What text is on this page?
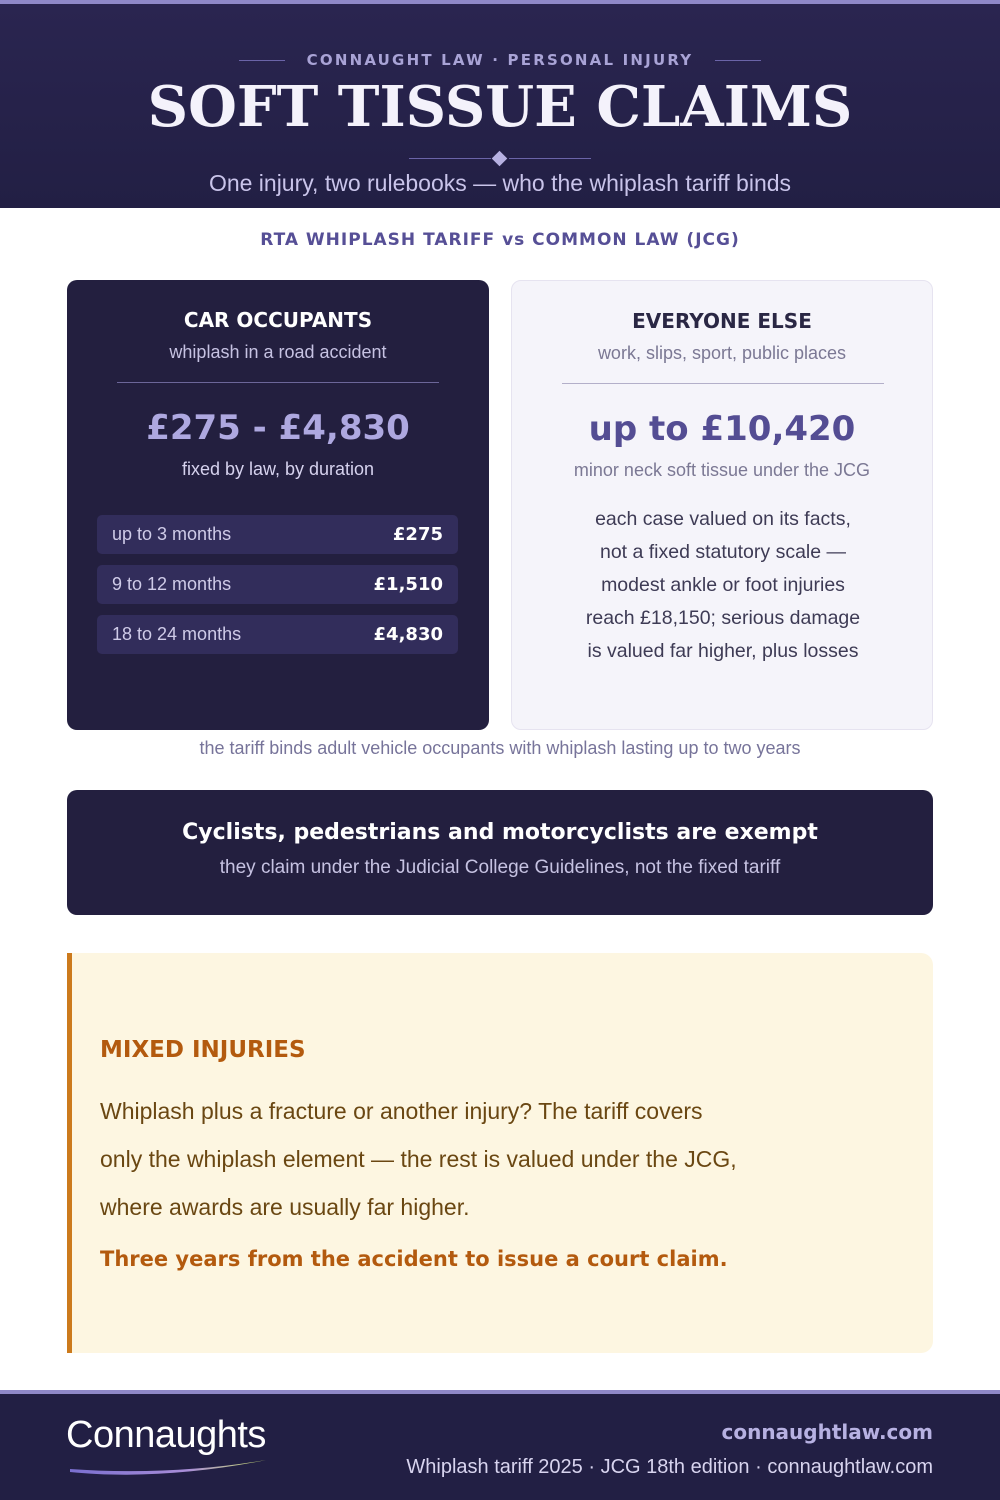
CONNAUGHT LAW · PERSONAL INJURY
SOFT TISSUE CLAIMS
One injury, two rulebooks — who the whiplash tariff binds
RTA WHIPLASH TARIFF vs COMMON LAW (JCG)
CAR OCCUPANTS
whiplash in a road accident
£275 - £4,830
fixed by law, by duration
up to 3 months	£275
9 to 12 months	£1,510
18 to 24 months	£4,830
EVERYONE ELSE
work, slips, sport, public places
up to £10,420
minor neck soft tissue under the JCG
each case valued on its facts,
not a fixed statutory scale —
modest ankle or foot injuries
reach £18,150; serious damage
is valued far higher, plus losses
the tariff binds adult vehicle occupants with whiplash lasting up to two years
Cyclists, pedestrians and motorcyclists are exempt
they claim under the Judicial College Guidelines, not the fixed tariff
MIXED INJURIES
Whiplash plus a fracture or another injury? The tariff covers
only the whiplash element — the rest is valued under the JCG,
where awards are usually far higher.
Three years from the accident to issue a court claim.
Connaughts	connaughtlaw.com
Whiplash tariff 2025 · JCG 18th edition · connaughtlaw.com
